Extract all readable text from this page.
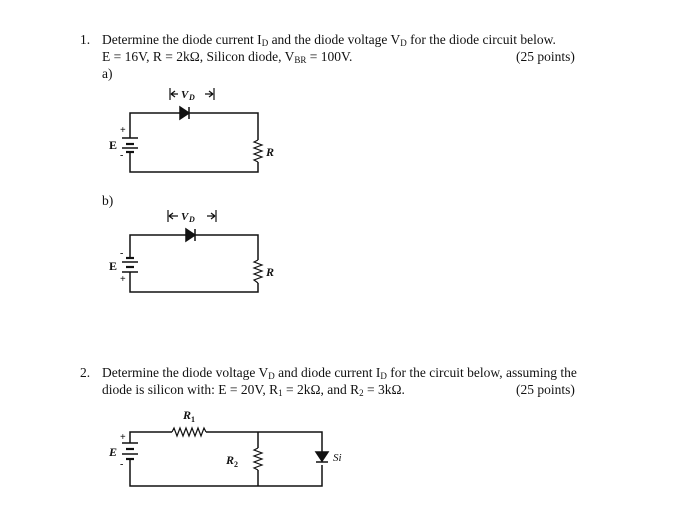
1. Determine the diode current $I_D$ and the diode voltage $V_D$ for the diode circuit below.
E = 16V, R = 2kΩ, Silicon diode, $V_{BR} = 100V$.	(25 points)
a)
b)
2. Determine the diode voltage $V_D$ and diode current $I_D$ for the circuit below, assuming the
diode is silicon with: E = 20V, $R_1 = 2k\Omega$, and $R_2 = 3k\Omega$.	(25 points)
E
+
-	R
V D
E
-
+
R
V D
E
+
-
R 1
R 2
Si
